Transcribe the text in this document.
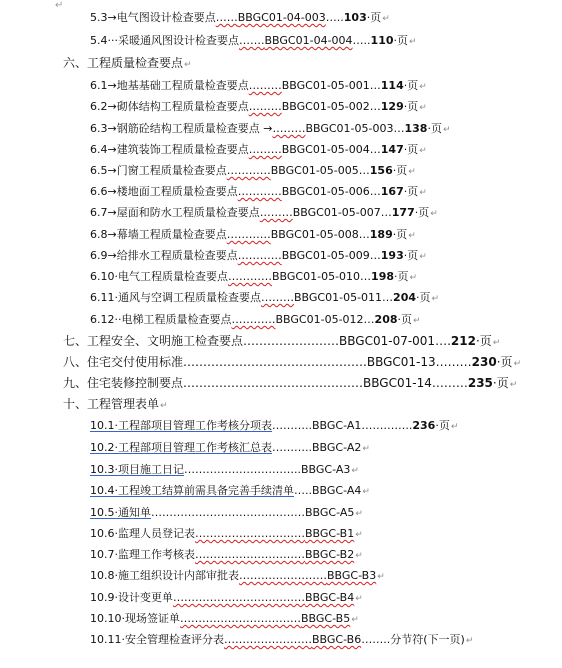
↵
5.3→电气图设计检查要点……BBGC01-04-003…..103·页↵
5.4···采暖通风图设计检查要点…….BBGC01-04-004…..110·页↵
六、工程质量检查要点↵
6.1→地基基础工程质量检查要点………BBGC01-05-001…114·页↵
6.2→砌体结构工程质量检查要点………BBGC01-05-002…129·页↵
6.3→钢筋砼结构工程质量检查要点 →………BBGC01-05-003…138·页↵
6.4→建筑装饰工程质量检查要点………BBGC01-05-004…147·页↵
6.5→门窗工程质量检查要点…………BBGC01-05-005…156·页↵
6.6→楼地面工程质量检查要点…………BBGC01-05-006…167·页↵
6.7→屋面和防水工程质量检查要点………BBGC01-05-007…177·页↵
6.8→幕墙工程质量检查要点…………BBGC01-05-008…189·页↵
6.9→给排水工程质量检查要点…………BBGC01-05-009…193·页↵
6.10·电气工程质量检查要点…………BBGC01-05-010…198·页↵
6.11·通风与空调工程质量检查要点………BBGC01-05-011…204·页↵
6.12··电梯工程质量检查要点…………BBGC01-05-012…208·页↵
七、工程安全、文明施工检查要点……………………BBGC01-07-001….212·页↵
八、住宅交付使用标准……………………………………….BBGC01-13………230·页↵
九、住宅装修控制要点………………………………………BBGC01-14………235·页↵
十、工程管理表单↵
10.1·工程部项目管理工作考核分项表………..BBGC-A1…………..236·页↵
10.2·工程部项目管理工作考核汇总表………..BBGC-A2↵
10.3·项目施工日记…………………………..BBGC-A3↵
10.4·工程竣工结算前需具备完善手续清单…..BBGC-A4↵
10.5·通知单……………………………………BBGC-A5↵
10.6·监理人员登记表…………………………BBGC-B1↵
10.7·监理工作考核表…………………………BBGC-B2↵
10.8·施工组织设计内部审批表……………………BBGC-B3↵
10.9·设计变更单………………………………BBGC-B4↵
10.10·现场签证单……………………………BBGC-B5↵
10.11·安全管理检查评分表……………………BBGC-B6……..分节符(下一页)↵
